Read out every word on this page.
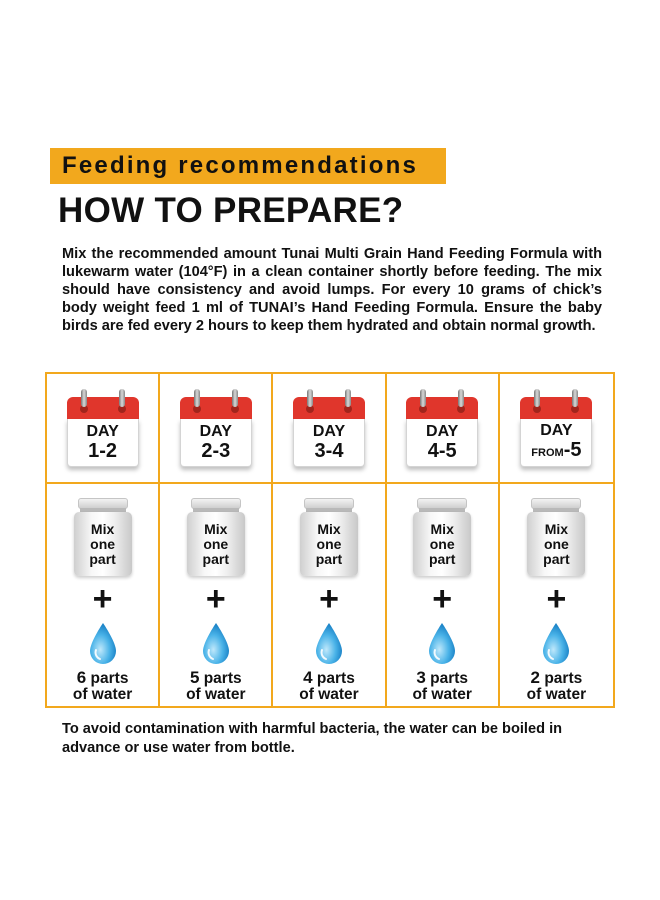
Feeding recommendations
HOW TO PREPARE?

Mix the recommended amount Tunai Multi Grain Hand Feeding Formula with lukewarm water (104°F) in a clean container shortly before feeding. The mix should have consistency and avoid lumps. For every 10 grams of chick’s body weight feed 1 ml of TUNAI’s Hand Feeding Formula. Ensure the baby birds are fed every 2 hours to keep them hydrated and obtain normal growth.

DAY
1-2
DAY
2-3
DAY
3-4
DAY
4-5
DAY
FROM-5
Mix
one
part
+
6 parts
of water
Mix
one
part
+
5 parts
of water
Mix
one
part
+
4 parts
of water
Mix
one
part
+
3 parts
of water
Mix
one
part
+
2 parts
of water

To avoid contamination with harmful bacteria, the water can be boiled in advance or use water from bottle.
